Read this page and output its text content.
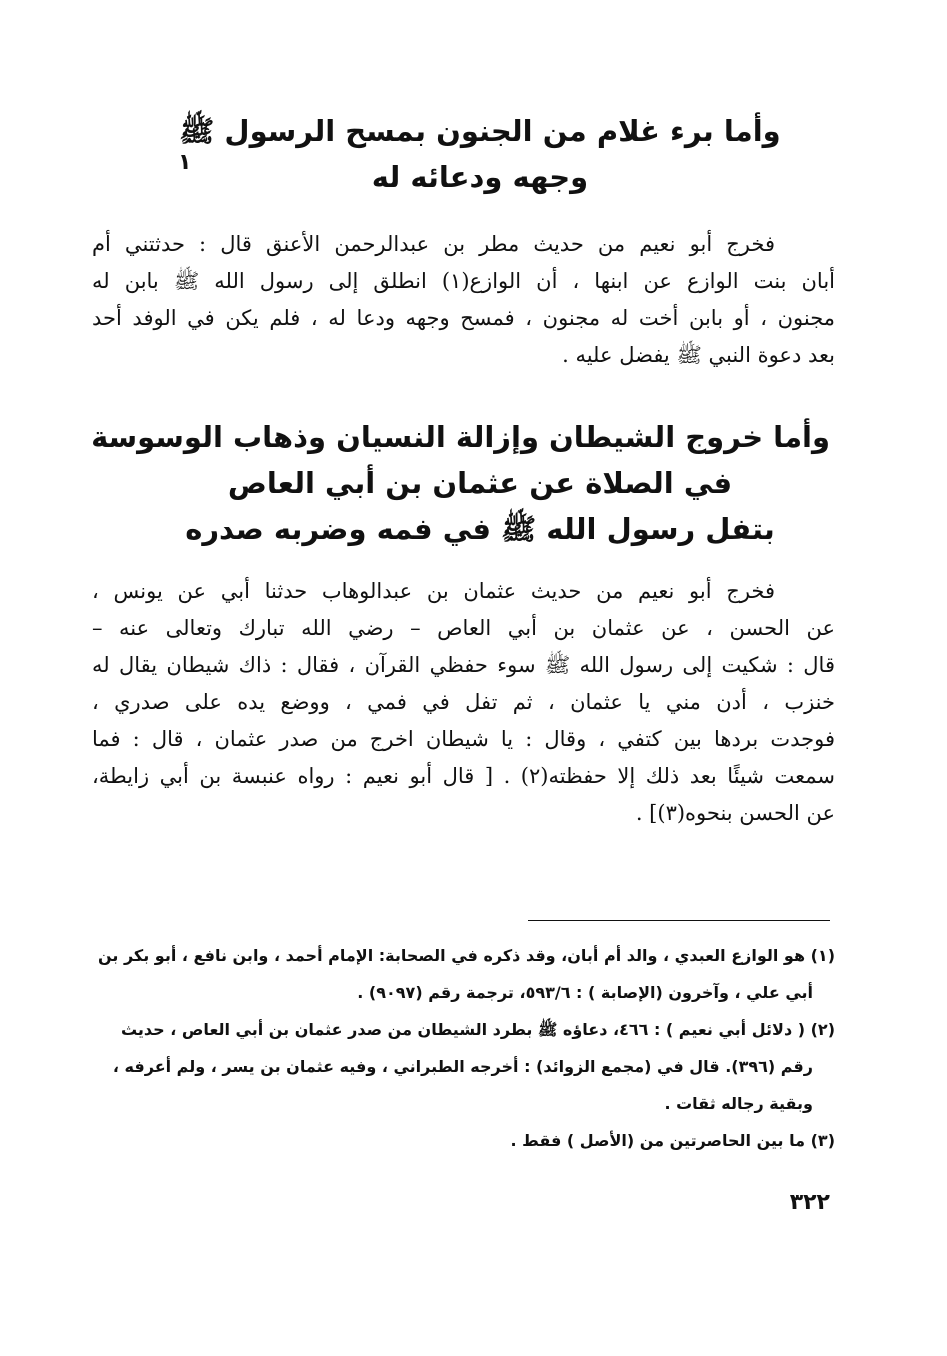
وأما برء غلام من الجنون بمسح الرسول ﷺ
وجهه ودعائه له
١
فخرج أبو نعيم من حديث مطر بن عبدالرحمن الأعنق قال : حدثتني أم
أبان بنت الوازع عن ابنها ، أن الوازع(١) انطلق إلى رسول الله ﷺ بابن له
مجنون ، أو بابن أخت له مجنون ، فمسح وجهه ودعا له ، فلم يكن في الوفد أحد
بعد دعوة النبي ﷺ يفضل عليه .
وأما خروج الشيطان وإزالة النسيان وذهاب الوسوسة
في الصلاة عن عثمان بن أبي العاص
بتفل رسول الله ﷺ في فمه وضربه صدره
فخرج أبو نعيم من حديث عثمان بن عبدالوهاب حدثنا أبي عن يونس ،
عن الحسن ، عن عثمان بن أبي العاص – رضي الله تبارك وتعالى عنه –
قال : شكيت إلى رسول الله ﷺ سوء حفظي القرآن ، فقال : ذاك شيطان يقال له
خنزب ، أدن مني يا عثمان ، ثم تفل في فمي ، ووضع يده على صدري ،
فوجدت بردها بين كتفي ، وقال : يا شيطان اخرج من صدر عثمان ، قال : فما
سمعت شيئًا بعد ذلك إلا حفظته(٢) . [ قال أبو نعيم : رواه عنبسة بن أبي زايطة،
عن الحسن بنحوه(٣)] .
(١) هو الوازع العبدي ، والد أم أبان، وقد ذكره في الصحابة: الإمام أحمد ، وابن نافع ، أبو بكر بن
أبي علي ، وآخرون (الإصابة ) : ٥٩٣/٦، ترجمة رقم (٩٠٩٧) .
(٢) ( دلائل أبي نعيم ) : ٤٦٦، دعاؤه ﷺ بطرد الشيطان من صدر عثمان بن أبي العاص ، حديث
رقم (٣٩٦). قال في (مجمع الزوائد) : أخرجه الطبراني ، وفيه عثمان بن يسر ، ولم أعرفه ،
وبقية رجاله ثقات .
(٣) ما بين الحاصرتين من (الأصل ) فقط .
٣٢٢
